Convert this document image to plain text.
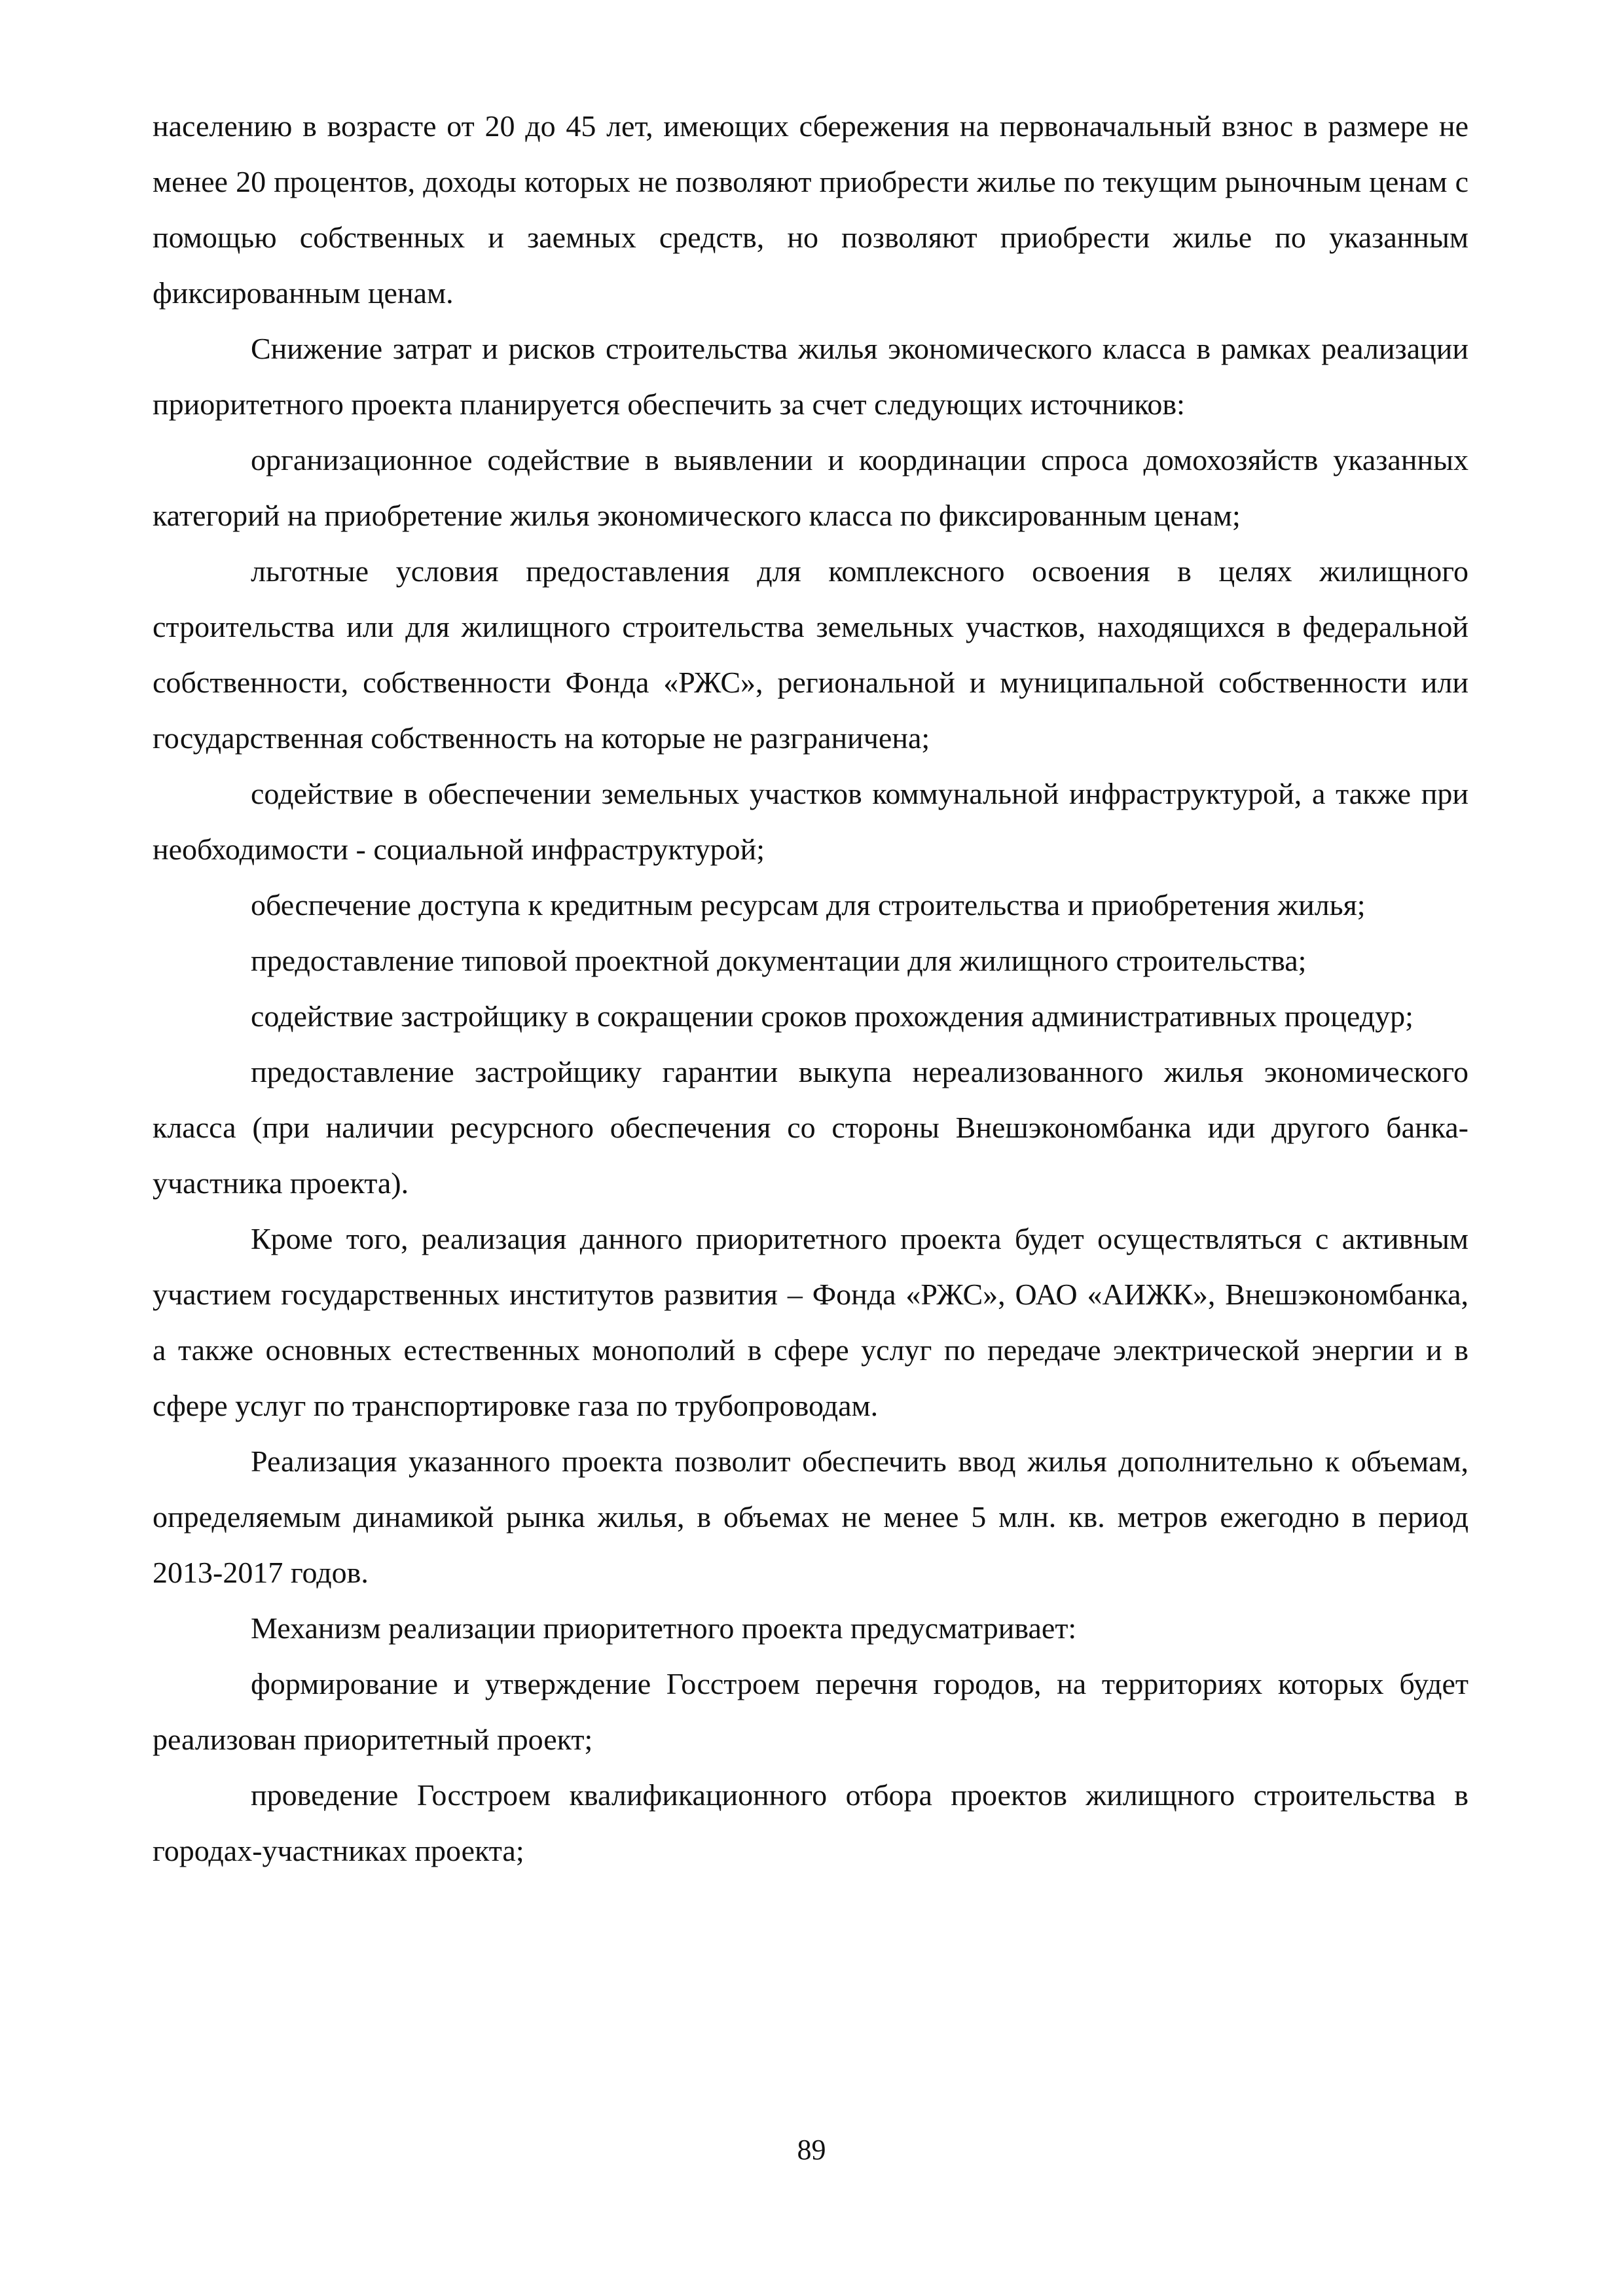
населению в возрасте от 20 до 45 лет, имеющих сбережения на первоначальный взнос в размере не менее 20 процентов, доходы которых не позволяют приобрести жилье по текущим рыночным ценам с помощью собственных и заемных средств, но позволяют приобрести жилье по указанным фиксированным ценам.

Снижение затрат и рисков строительства жилья экономического класса в рамках реализации приоритетного проекта планируется обеспечить за счет следующих источников:

организационное содействие в выявлении и координации спроса домохозяйств указанных категорий на приобретение жилья экономического класса по фиксированным ценам;

льготные условия предоставления для комплексного освоения в целях жилищного строительства или для жилищного строительства земельных участков, находящихся в федеральной собственности, собственности Фонда «РЖС», региональной и муниципальной собственности или государственная собственность на которые не разграничена;

содействие в обеспечении земельных участков коммунальной инфраструктурой, а также при необходимости - социальной инфраструктурой;

обеспечение доступа к кредитным ресурсам для строительства и приобретения жилья;

предоставление типовой проектной документации для жилищного строительства;

содействие застройщику в сокращении сроков прохождения административных процедур;

предоставление застройщику гарантии выкупа нереализованного жилья экономического класса (при наличии ресурсного обеспечения со стороны Внешэкономбанка иди другого банка-участника проекта).

Кроме того, реализация данного приоритетного проекта будет осуществляться с активным участием государственных институтов развития – Фонда «РЖС», ОАО «АИЖК», Внешэкономбанка, а также основных естественных монополий в сфере услуг по передаче электрической энергии и в сфере услуг по транспортировке газа по трубопроводам.

Реализация указанного проекта позволит обеспечить ввод жилья дополнительно к объемам, определяемым динамикой рынка жилья, в объемах не менее 5 млн. кв. метров ежегодно в период 2013-2017 годов.

Механизм реализации приоритетного проекта предусматривает:

формирование и утверждение Госстроем перечня городов, на территориях которых будет реализован приоритетный проект;

проведение Госстроем квалификационного отбора проектов жилищного строительства в городах-участниках проекта;

89
